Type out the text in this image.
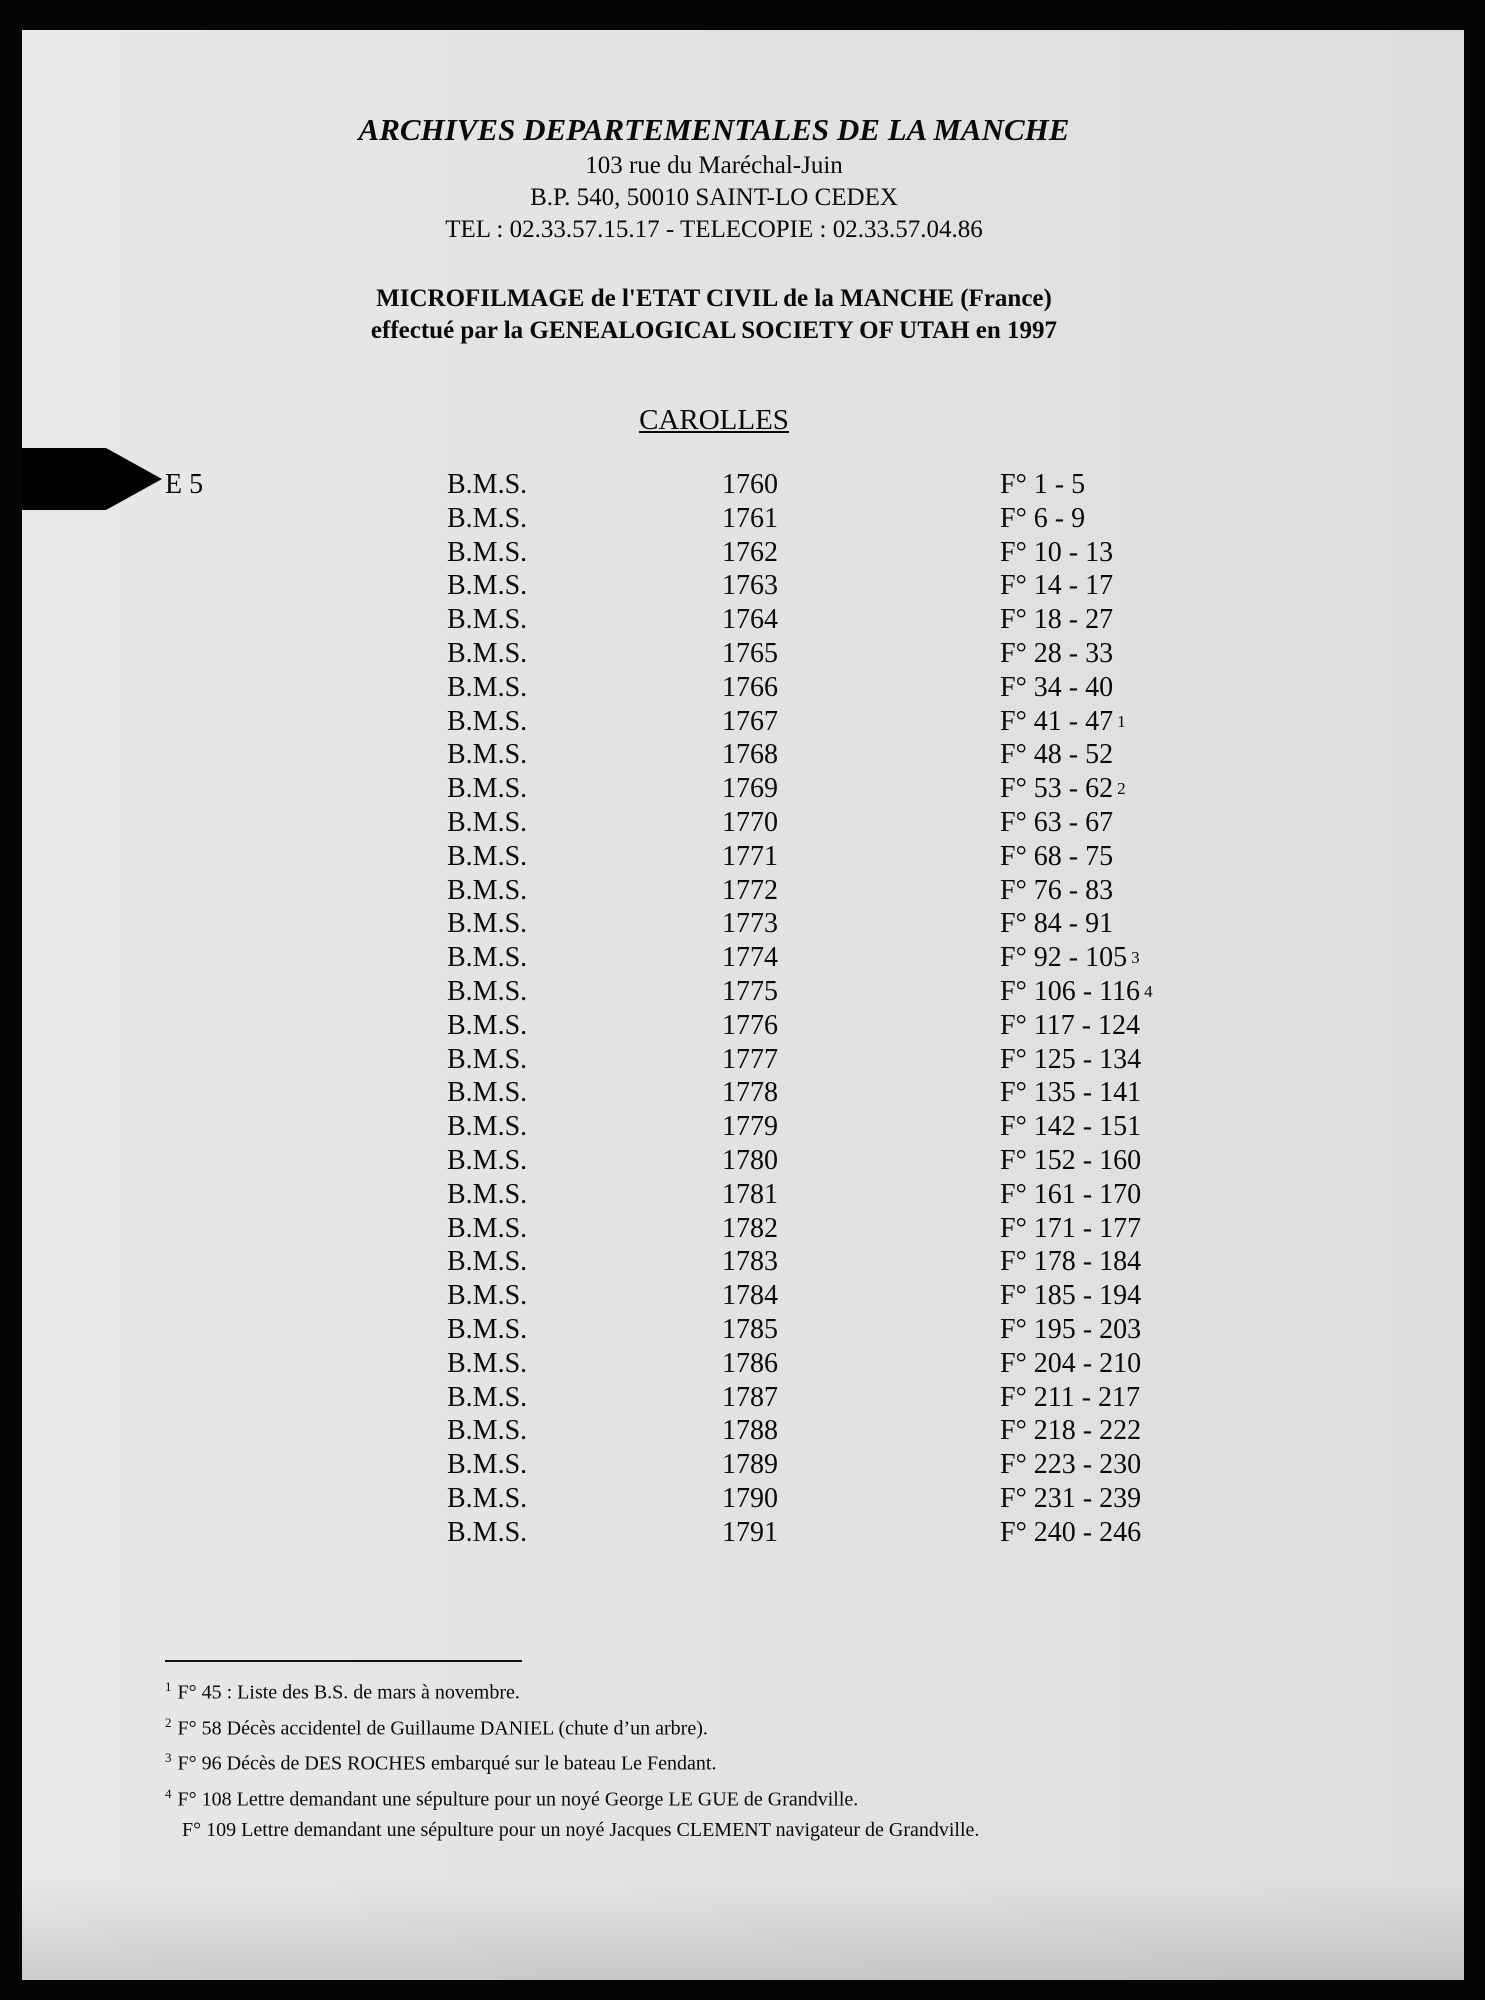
ARCHIVES DEPARTEMENTALES DE LA MANCHE
103 rue du Maréchal-Juin
B.P. 540, 50010 SAINT-LO CEDEX
TEL : 02.33.57.15.17 - TELECOPIE : 02.33.57.04.86
MICROFILMAGE de l'ETAT CIVIL de la MANCHE (France)
effectué par la GENEALOGICAL SOCIETY OF UTAH en 1997
CAROLLES
E 5	B.M.S.	1760	F° 1 - 5
B.M.S.	1761	F° 6 - 9
B.M.S.	1762	F° 10 - 13
B.M.S.	1763	F° 14 - 17
B.M.S.	1764	F° 18 - 27
B.M.S.	1765	F° 28 - 33
B.M.S.	1766	F° 34 - 40
B.M.S.	1767	F° 41 - 47 $^1$
B.M.S.	1768	F° 48 - 52
B.M.S.	1769	F° 53 - 62 $^2$
B.M.S.	1770	F° 63 - 67
B.M.S.	1771	F° 68 - 75
B.M.S.	1772	F° 76 - 83
B.M.S.	1773	F° 84 - 91
B.M.S.	1774	F° 92 - 105 $^3$
B.M.S.	1775	F° 106 - 116 $^4$
B.M.S.	1776	F° 117 - 124
B.M.S.	1777	F° 125 - 134
B.M.S.	1778	F° 135 - 141
B.M.S.	1779	F° 142 - 151
B.M.S.	1780	F° 152 - 160
B.M.S.	1781	F° 161 - 170
B.M.S.	1782	F° 171 - 177
B.M.S.	1783	F° 178 - 184
B.M.S.	1784	F° 185 - 194
B.M.S.	1785	F° 195 - 203
B.M.S.	1786	F° 204 - 210
B.M.S.	1787	F° 211 - 217
B.M.S.	1788	F° 218 - 222
B.M.S.	1789	F° 223 - 230
B.M.S.	1790	F° 231 - 239
B.M.S.	1791	F° 240 - 246
$^1$ F° 45 : Liste des B.S. de mars à novembre.
$^2$ F° 58 Décès accidentel de Guillaume DANIEL (chute d’un arbre).
$^3$ F° 96 Décès de DES ROCHES embarqué sur le bateau Le Fendant.
$^4$ F° 108 Lettre demandant une sépulture pour un noyé George LE GUE de Grandville.
F° 109 Lettre demandant une sépulture pour un noyé Jacques CLEMENT navigateur de Grandville.
